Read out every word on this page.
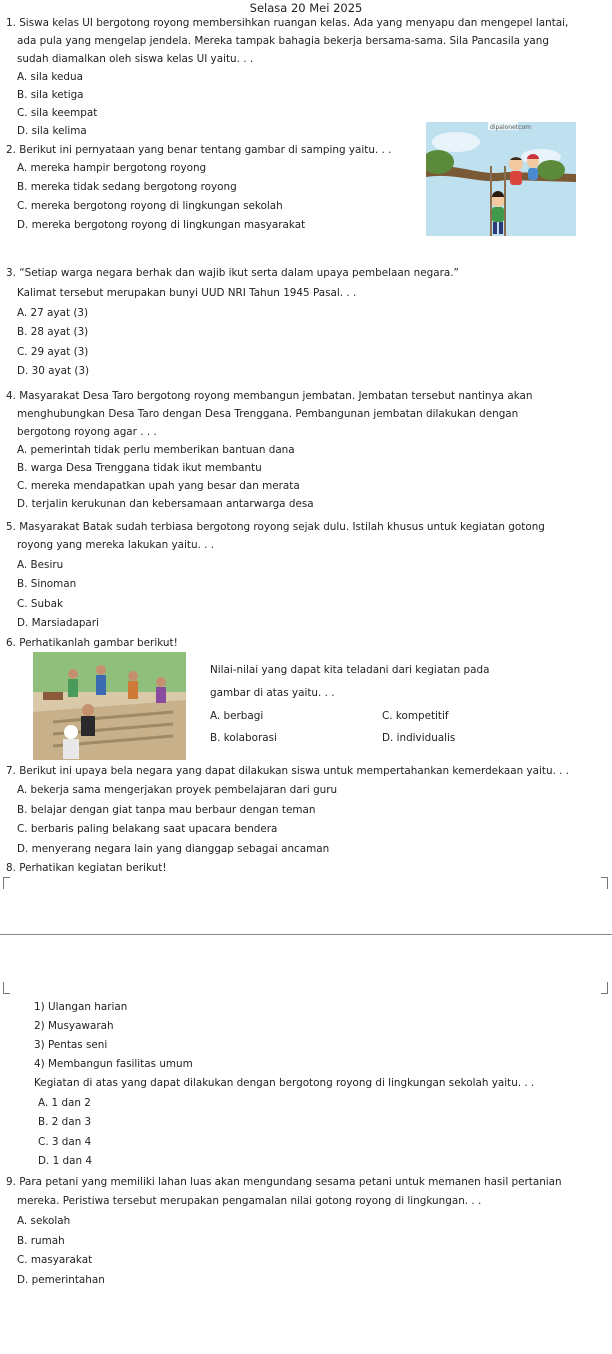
Selasa 20 Mei 2025
1. Siswa kelas UI bergotong royong membersihkan ruangan kelas. Ada yang menyapu dan mengepel lantai,
ada pula yang mengelap jendela. Mereka tampak bahagia bekerja bersama-sama. Sila Pancasila yang
sudah diamalkan oleh siswa kelas UI yaitu. . .
A. sila kedua
B. sila ketiga
C. sila keempat
D. sila kelima
2. Berikut ini pernyataan yang benar tentang gambar di samping yaitu. . .
A. mereka hampir bergotong royong
B. mereka tidak sedang bergotong royong
C. mereka bergotong royong di lingkungan sekolah
D. mereka bergotong royong di lingkungan masyarakat
dipalonetcom
3. “Setiap warga negara berhak dan wajib ikut serta dalam upaya pembelaan negara.”
Kalimat tersebut merupakan bunyi UUD NRI Tahun 1945 Pasal. . .
A. 27 ayat (3)
B. 28 ayat (3)
C. 29 ayat (3)
D. 30 ayat (3)
4. Masyarakat Desa Taro bergotong royong membangun jembatan. Jembatan tersebut nantinya akan
menghubungkan Desa Taro dengan Desa Trenggana. Pembangunan jembatan dilakukan dengan
bergotong royong agar . . .
A. pemerintah tidak perlu memberikan bantuan dana
B. warga Desa Trenggana tidak ikut membantu
C. mereka mendapatkan upah yang besar dan merata
D. terjalin kerukunan dan kebersamaan antarwarga desa
5. Masyarakat Batak sudah terbiasa bergotong royong sejak dulu. Istilah khusus untuk kegiatan gotong
royong yang mereka lakukan yaitu. . .
A. Besiru
B. Sinoman
C. Subak
D. Marsiadapari
6. Perhatikanlah gambar berikut!
Nilai-nilai yang dapat kita teladani dari kegiatan pada
gambar di atas yaitu. . .
A. berbagi	C. kompetitif
B. kolaborasi	D. individualis
7. Berikut ini upaya bela negara yang dapat dilakukan siswa untuk mempertahankan kemerdekaan yaitu. . .
A. bekerja sama mengerjakan proyek pembelajaran dari guru
B. belajar dengan giat tanpa mau berbaur dengan teman
C. berbaris paling belakang saat upacara bendera
D. menyerang negara lain yang dianggap sebagai ancaman
8. Perhatikan kegiatan berikut!
1) Ulangan harian
2) Musyawarah
3) Pentas seni
4) Membangun fasilitas umum
Kegiatan di atas yang dapat dilakukan dengan bergotong royong di lingkungan sekolah yaitu. . .
A. 1 dan 2
B. 2 dan 3
C. 3 dan 4
D. 1 dan 4
9. Para petani yang memiliki lahan luas akan mengundang sesama petani untuk memanen hasil pertanian
mereka. Peristiwa tersebut merupakan pengamalan nilai gotong royong di lingkungan. . .
A. sekolah
B. rumah
C. masyarakat
D. pemerintahan
